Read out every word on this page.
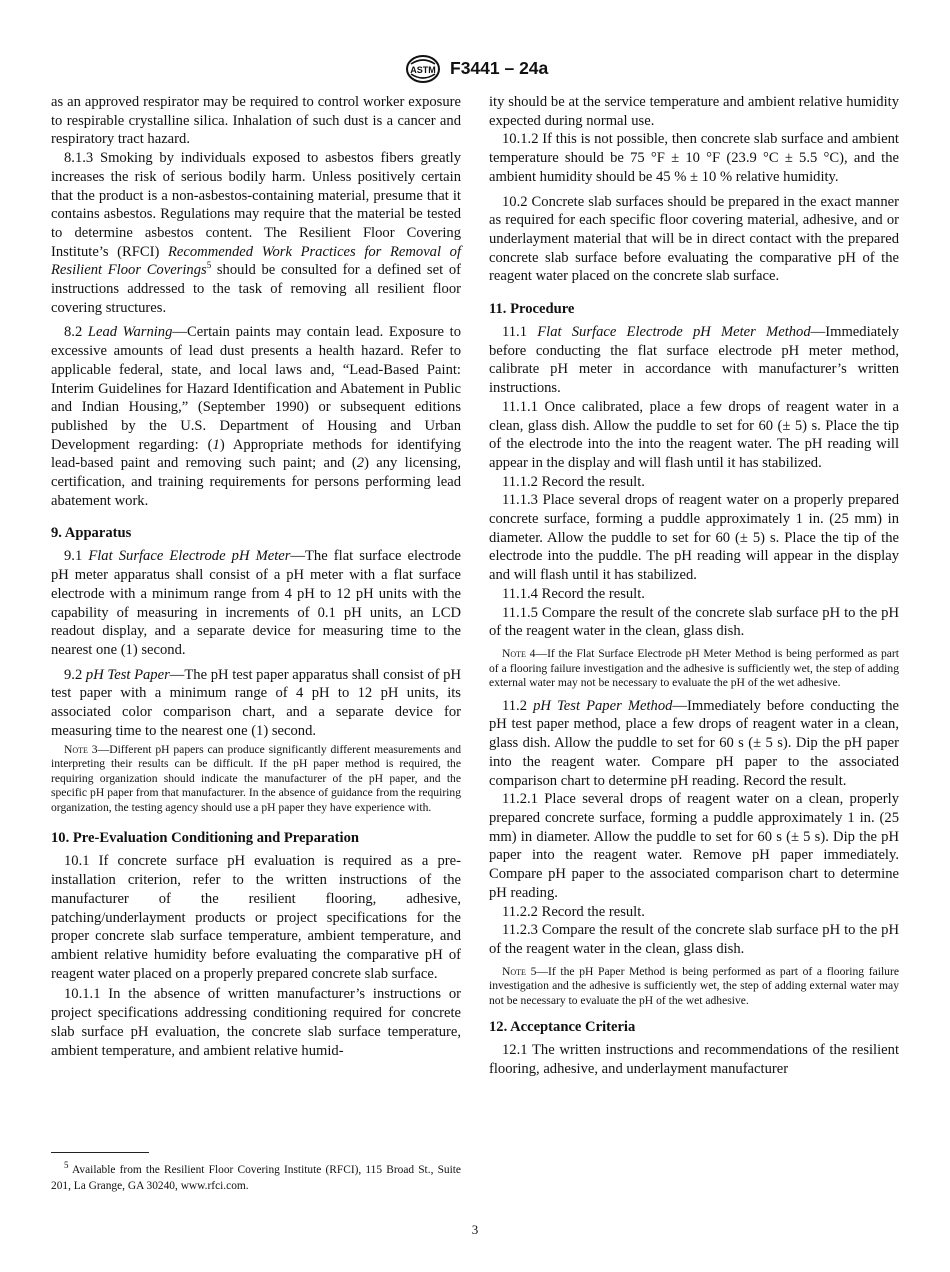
ASTM F3441 – 24a

as an approved respirator may be required to control worker exposure to respirable crystalline silica. Inhalation of such dust is a cancer and respiratory tract hazard.

8.1.3 Smoking by individuals exposed to asbestos fibers greatly increases the risk of serious bodily harm. Unless positively certain that the product is a non-asbestos-containing material, presume that it contains asbestos. Regulations may require that the material be tested to determine asbestos content. The Resilient Floor Covering Institute’s (RFCI) Recommended Work Practices for Removal of Resilient Floor Coverings$^5$ should be consulted for a defined set of instructions addressed to the task of removing all resilient floor covering structures.

8.2 Lead Warning—Certain paints may contain lead. Exposure to excessive amounts of lead dust presents a health hazard. Refer to applicable federal, state, and local laws and, “Lead-Based Paint: Interim Guidelines for Hazard Identification and Abatement in Public and Indian Housing,” (September 1990) or subsequent editions published by the U.S. Department of Housing and Urban Development regarding: (1) Appropriate methods for identifying lead-based paint and removing such paint; and (2) any licensing, certification, and training requirements for persons performing lead abatement work.

9. Apparatus

9.1 Flat Surface Electrode pH Meter—The flat surface electrode pH meter apparatus shall consist of a pH meter with a flat surface electrode with a minimum range from 4 pH to 12 pH units with the capability of measuring in increments of 0.1 pH units, an LCD readout display, and a separate device for measuring time to the nearest one (1) second.

9.2 pH Test Paper—The pH test paper apparatus shall consist of pH test paper with a minimum range of 4 pH to 12 pH units, its associated color comparison chart, and a separate device for measuring time to the nearest one (1) second.

Note 3—Different pH papers can produce significantly different measurements and interpreting their results can be difficult. If the pH paper method is required, the requiring organization should indicate the manufacturer of the pH paper, and the specific pH paper from that manufacturer. In the absence of guidance from the requiring organization, the testing agency should use a pH paper they have experience with.
10. Pre-Evaluation Conditioning and Preparation

10.1 If concrete surface pH evaluation is required as a pre-installation criterion, refer to the written instructions of the manufacturer of the resilient flooring, adhesive, patching/underlayment products or project specifications for the proper concrete slab surface temperature, ambient temperature, and ambient relative humidity before evaluating the comparative pH of reagent water placed on a properly prepared concrete slab surface.

10.1.1 In the absence of written manufacturer’s instructions or project specifications addressing conditioning required for concrete slab surface pH evaluation, the concrete slab surface temperature, ambient temperature, and ambient relative humid-

ity should be at the service temperature and ambient relative humidity expected during normal use.

10.1.2 If this is not possible, then concrete slab surface and ambient temperature should be 75 °F ± 10 °F (23.9 °C ± 5.5 °C), and the ambient humidity should be 45 % ± 10 % relative humidity.

10.2 Concrete slab surfaces should be prepared in the exact manner as required for each specific floor covering material, adhesive, and or underlayment material that will be in direct contact with the prepared concrete slab surface before evaluating the comparative pH of the reagent water placed on the concrete slab surface.

11. Procedure

11.1 Flat Surface Electrode pH Meter Method—Immediately before conducting the flat surface electrode pH meter method, calibrate pH meter in accordance with manufacturer’s written instructions.

11.1.1 Once calibrated, place a few drops of reagent water in a clean, glass dish. Allow the puddle to set for 60 (± 5) s. Place the tip of the electrode into the into the reagent water. The pH reading will appear in the display and will flash until it has stabilized.

11.1.2 Record the result.

11.1.3 Place several drops of reagent water on a properly prepared concrete surface, forming a puddle approximately 1 in. (25 mm) in diameter. Allow the puddle to set for 60 (± 5) s. Place the tip of the electrode into the puddle. The pH reading will appear in the display and will flash until it has stabilized.

11.1.4 Record the result.

11.1.5 Compare the result of the concrete slab surface pH to the pH of the reagent water in the clean, glass dish.

Note 4—If the Flat Surface Electrode pH Meter Method is being performed as part of a flooring failure investigation and the adhesive is sufficiently wet, the step of adding external water may not be necessary to evaluate the pH of the wet adhesive.

11.2 pH Test Paper Method—Immediately before conducting the pH test paper method, place a few drops of reagent water in a clean, glass dish. Allow the puddle to set for 60 s (± 5 s). Dip the pH paper into the reagent water. Compare pH paper to the associated comparison chart to determine pH reading. Record the result.

11.2.1 Place several drops of reagent water on a clean, properly prepared concrete surface, forming a puddle approximately 1 in. (25 mm) in diameter. Allow the puddle to set for 60 s (± 5 s). Dip the pH paper into the reagent water. Remove pH paper immediately. Compare pH paper to the associated comparison chart to determine pH reading.

11.2.2 Record the result.

11.2.3 Compare the result of the concrete slab surface pH to the pH of the reagent water in the clean, glass dish.

Note 5—If the pH Paper Method is being performed as part of a flooring failure investigation and the adhesive is sufficiently wet, the step of adding external water may not be necessary to evaluate the pH of the wet adhesive.
12. Acceptance Criteria

12.1 The written instructions and recommendations of the resilient flooring, adhesive, and underlayment manufacturer

$^5$ Available from the Resilient Floor Covering Institute (RFCI), 115 Broad St., Suite 201, La Grange, GA 30240, www.rfci.com.
3
